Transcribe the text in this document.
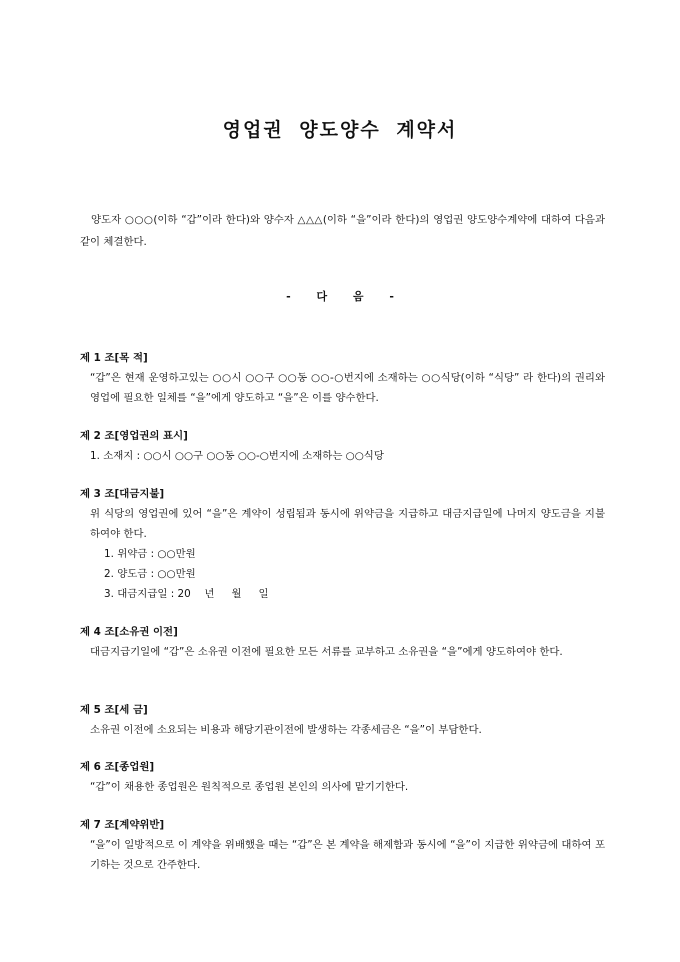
영업권 양도양수 계약서
양도자 ○○○(이하 “갑”이라 한다)와 양수자 △△△(이하 “을”이라 한다)의 영업권 양도양수계약에 대하여 다음과 같이 체결한다.
- 다 음 -
제 1 조[목 적]
“갑”은 현재 운영하고있는 ○○시 ○○구 ○○동 ○○-○번지에 소재하는 ○○식당(이하 “식당” 라 한다)의 권리와 영업에 필요한 일체를 “을”에게 양도하고 “을”은 이를 양수한다.
제 2 조[영업권의 표시]
1. 소재지 : ○○시 ○○구 ○○동 ○○-○번지에 소재하는 ○○식당
제 3 조[대금지불]
위 식당의 영업권에 있어 “을”은 계약이 성립됨과 동시에 위약금을 지급하고 대금지급일에 나머지 양도금을 지불하여야 한다.
1. 위약금 : ○○만원
2. 양도금 : ○○만원
3. 대금지급일 : 20 　년 　 월 　 일
제 4 조[소유권 이전]
대금지급기일에 “갑”은 소유권 이전에 필요한 모든 서류를 교부하고 소유권을 “을”에게 양도하여야 한다.
제 5 조[세 금]
소유권 이전에 소요되는 비용과 해당기관이전에 발생하는 각종세금은 “을”이 부담한다.
제 6 조[종업원]
“갑”이 채용한 종업원은 원칙적으로 종업원 본인의 의사에 맡기기한다.
제 7 조[계약위반]
“을”이 일방적으로 이 계약을 위배했을 때는 “갑”은 본 계약을 해제함과 동시에 “을”이 지급한 위약금에 대하여 포기하는 것으로 간주한다.
